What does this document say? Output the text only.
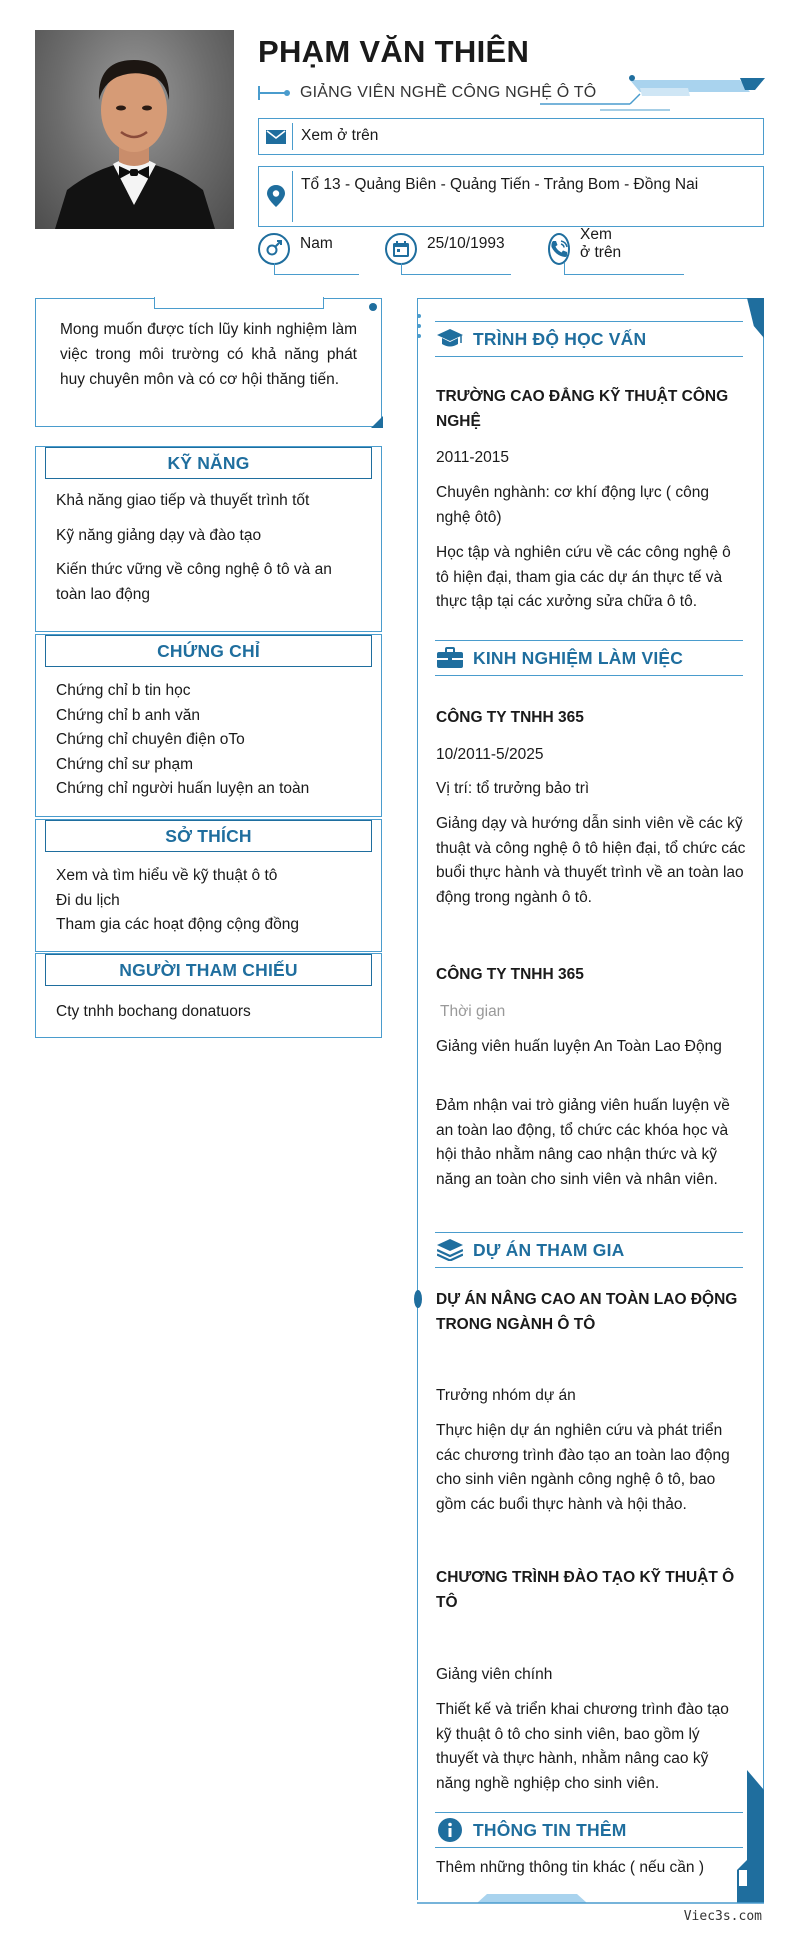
PHẠM VĂN THIÊN
GIẢNG VIÊN NGHỀ CÔNG NGHỆ Ô TÔ
Xem ở trên
Tổ 13 - Quảng Biên - Quảng Tiến - Trảng Bom - Đồng Nai
Nam	25/10/1993
Xem ở trên

Mong muốn được tích lũy kinh nghiệm làm việc trong môi trường có khả năng phát huy chuyên môn và có cơ hội thăng tiến.

KỸ NĂNG
Khả năng giao tiếp và thuyết trình tốt
Kỹ năng giảng dạy và đào tạo
Kiến thức vững về công nghệ ô tô và an toàn lao động
CHỨNG CHỈ
Chứng chỉ b tin học
Chứng chỉ b anh văn
Chứng chỉ chuyên điện oTo
Chứng chỉ sư phạm
Chứng chỉ người huấn luyện an toàn
SỞ THÍCH
Xem và tìm hiểu về kỹ thuật ô tô
Đi du lịch
Tham gia các hoạt động cộng đồng
NGƯỜI THAM CHIẾU
Cty tnhh bochang donatuors
TRÌNH ĐỘ HỌC VẤN
TRƯỜNG CAO ĐẲNG KỸ THUẬT CÔNG NGHỆ
2011-2015
Chuyên nghành: cơ khí động lực ( công nghệ ôtô)
Học tập và nghiên cứu về các công nghệ ô tô hiện đại, tham gia các dự án thực tế và thực tập tại các xưởng sửa chữa ô tô.
KINH NGHIỆM LÀM VIỆC
CÔNG TY TNHH 365
10/2011-5/2025
Vị trí: tổ trưởng bảo trì
Giảng dạy và hướng dẫn sinh viên về các kỹ thuật và công nghệ ô tô hiện đại, tổ chức các buổi thực hành và thuyết trình về an toàn lao động trong ngành ô tô.
CÔNG TY TNHH 365
Thời gian
Giảng viên huấn luyện An Toàn Lao Động
Đảm nhận vai trò giảng viên huấn luyện về an toàn lao động, tổ chức các khóa học và hội thảo nhằm nâng cao nhận thức và kỹ năng an toàn cho sinh viên và nhân viên.
DỰ ÁN THAM GIA
DỰ ÁN NÂNG CAO AN TOÀN LAO ĐỘNG TRONG NGÀNH Ô TÔ
Trưởng nhóm dự án
Thực hiện dự án nghiên cứu và phát triển các chương trình đào tạo an toàn lao động cho sinh viên ngành công nghệ ô tô, bao gồm các buổi thực hành và hội thảo.
CHƯƠNG TRÌNH ĐÀO TẠO KỸ THUẬT Ô TÔ
Giảng viên chính
Thiết kế và triển khai chương trình đào tạo kỹ thuật ô tô cho sinh viên, bao gồm lý thuyết và thực hành, nhằm nâng cao kỹ năng nghề nghiệp cho sinh viên.
THÔNG TIN THÊM
Thêm những thông tin khác ( nếu cần )
Viec3s.com
